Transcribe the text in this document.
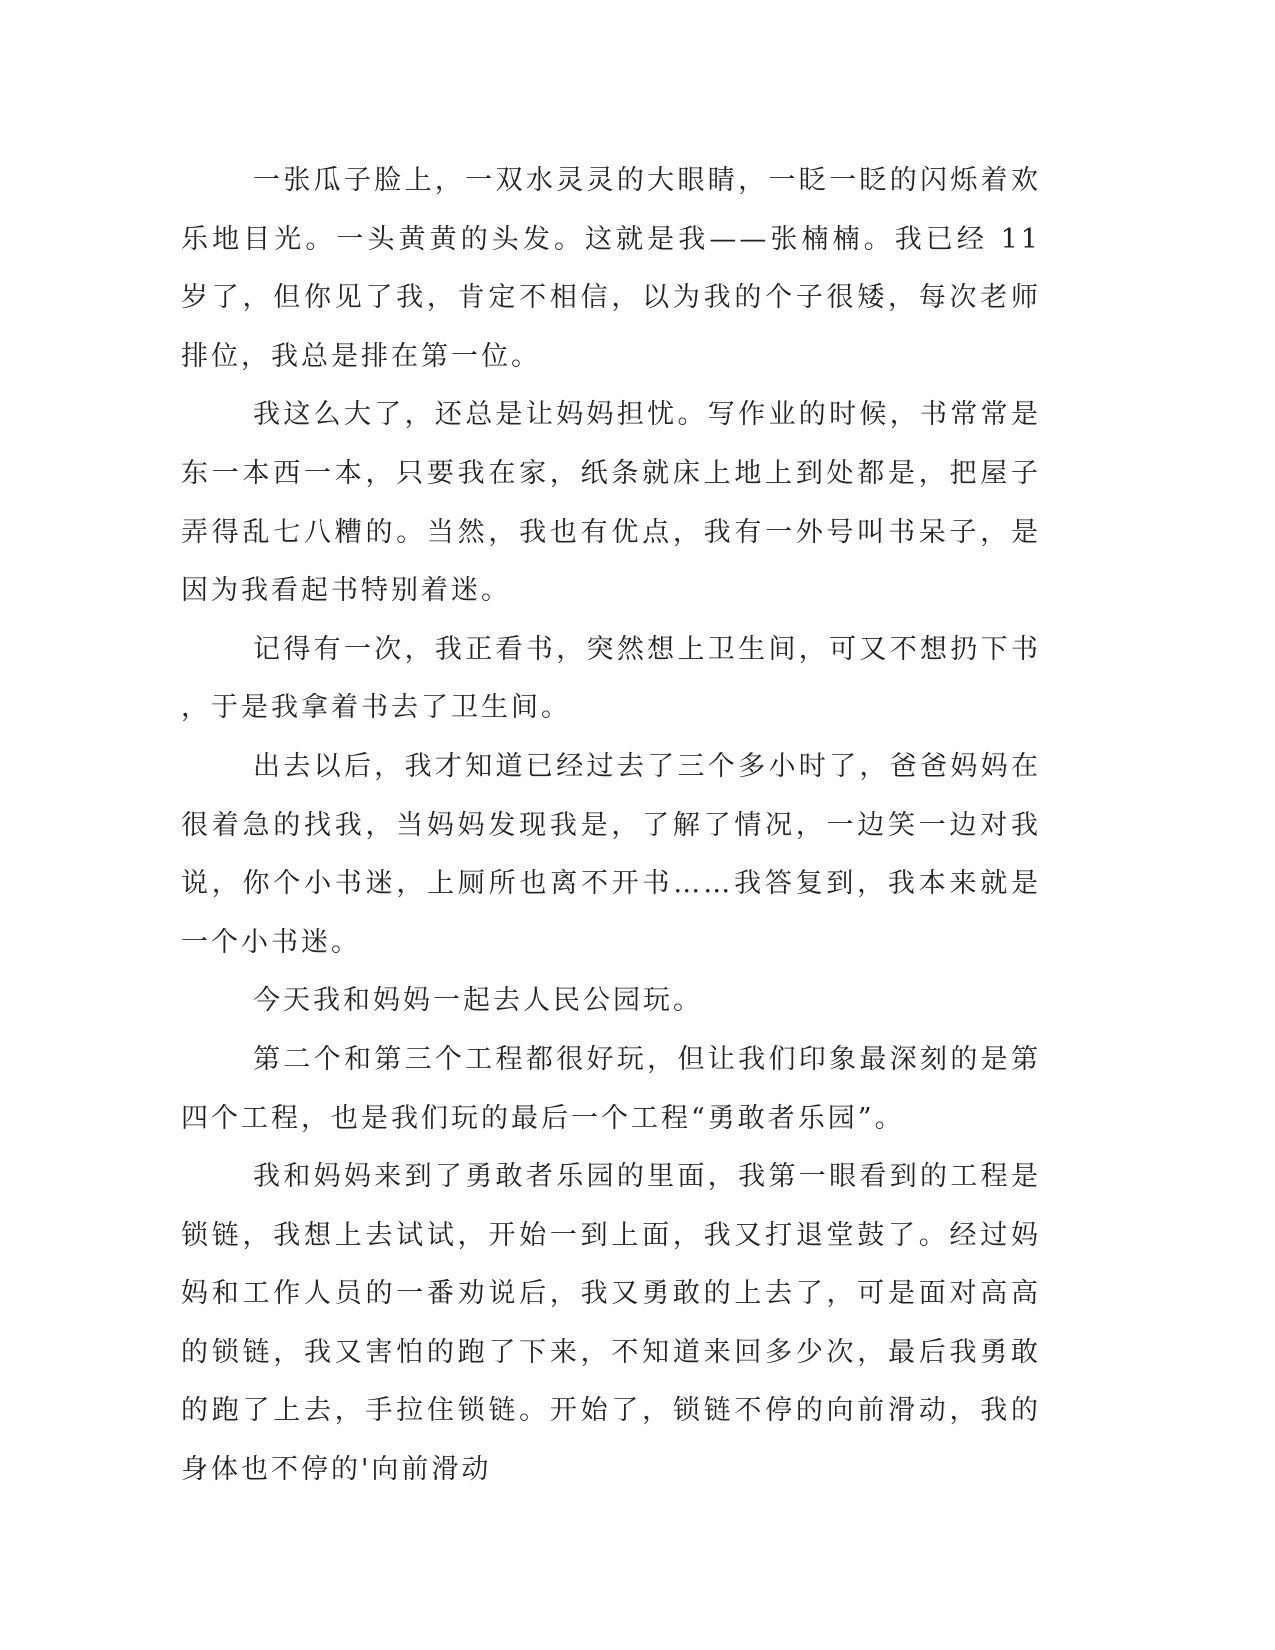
一张瓜子脸上，一双水灵灵的大眼睛，一眨一眨的闪烁着欢乐地目光。一头黄黄的头发。这就是我——张楠楠。我已经 11 岁了，但你见了我，肯定不相信，以为我的个子很矮，每次老师排位，我总是排在第一位。

我这么大了，还总是让妈妈担忧。写作业的时候，书常常是东一本西一本，只要我在家，纸条就床上地上到处都是，把屋子弄得乱七八糟的。当然，我也有优点，我有一外号叫书呆子，是因为我看起书特别着迷。

记得有一次，我正看书，突然想上卫生间，可又不想扔下书，于是我拿着书去了卫生间。

出去以后，我才知道已经过去了三个多小时了，爸爸妈妈在很着急的找我，当妈妈发现我是，了解了情况，一边笑一边对我说，你个小书迷，上厕所也离不开书……我答复到，我本来就是一个小书迷。

今天我和妈妈一起去人民公园玩。

第二个和第三个工程都很好玩，但让我们印象最深刻的是第四个工程，也是我们玩的最后一个工程“勇敢者乐园”。

我和妈妈来到了勇敢者乐园的里面，我第一眼看到的工程是锁链，我想上去试试，开始一到上面，我又打退堂鼓了。经过妈妈和工作人员的一番劝说后，我又勇敢的上去了，可是面对高高的锁链，我又害怕的跑了下来，不知道来回多少次，最后我勇敢的跑了上去，手拉住锁链。开始了，锁链不停的向前滑动，我的身体也不停的'向前滑动
